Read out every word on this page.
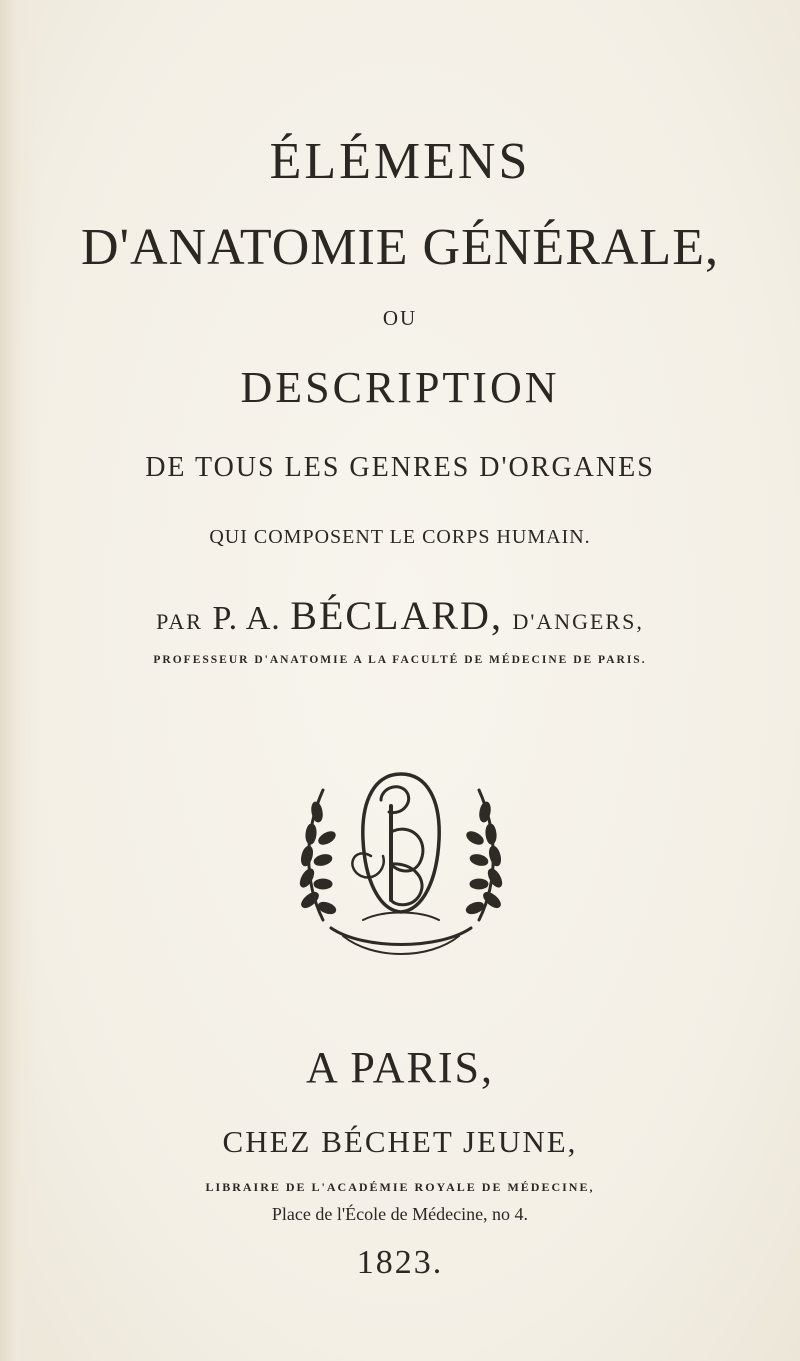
ÉLÉMENS
D'ANATOMIE GÉNÉRALE,
OU
DESCRIPTION
DE TOUS LES GENRES D'ORGANES
QUI COMPOSENT LE CORPS HUMAIN.
PAR P. A. BÉCLARD, D'ANGERS,
PROFESSEUR D'ANATOMIE A LA FACULTÉ DE MÉDECINE DE PARIS.
A PARIS,
CHEZ BÉCHET JEUNE,
LIBRAIRE DE L'ACADÉMIE ROYALE DE MÉDECINE,
Place de l'École de Médecine, no 4.
1823.
